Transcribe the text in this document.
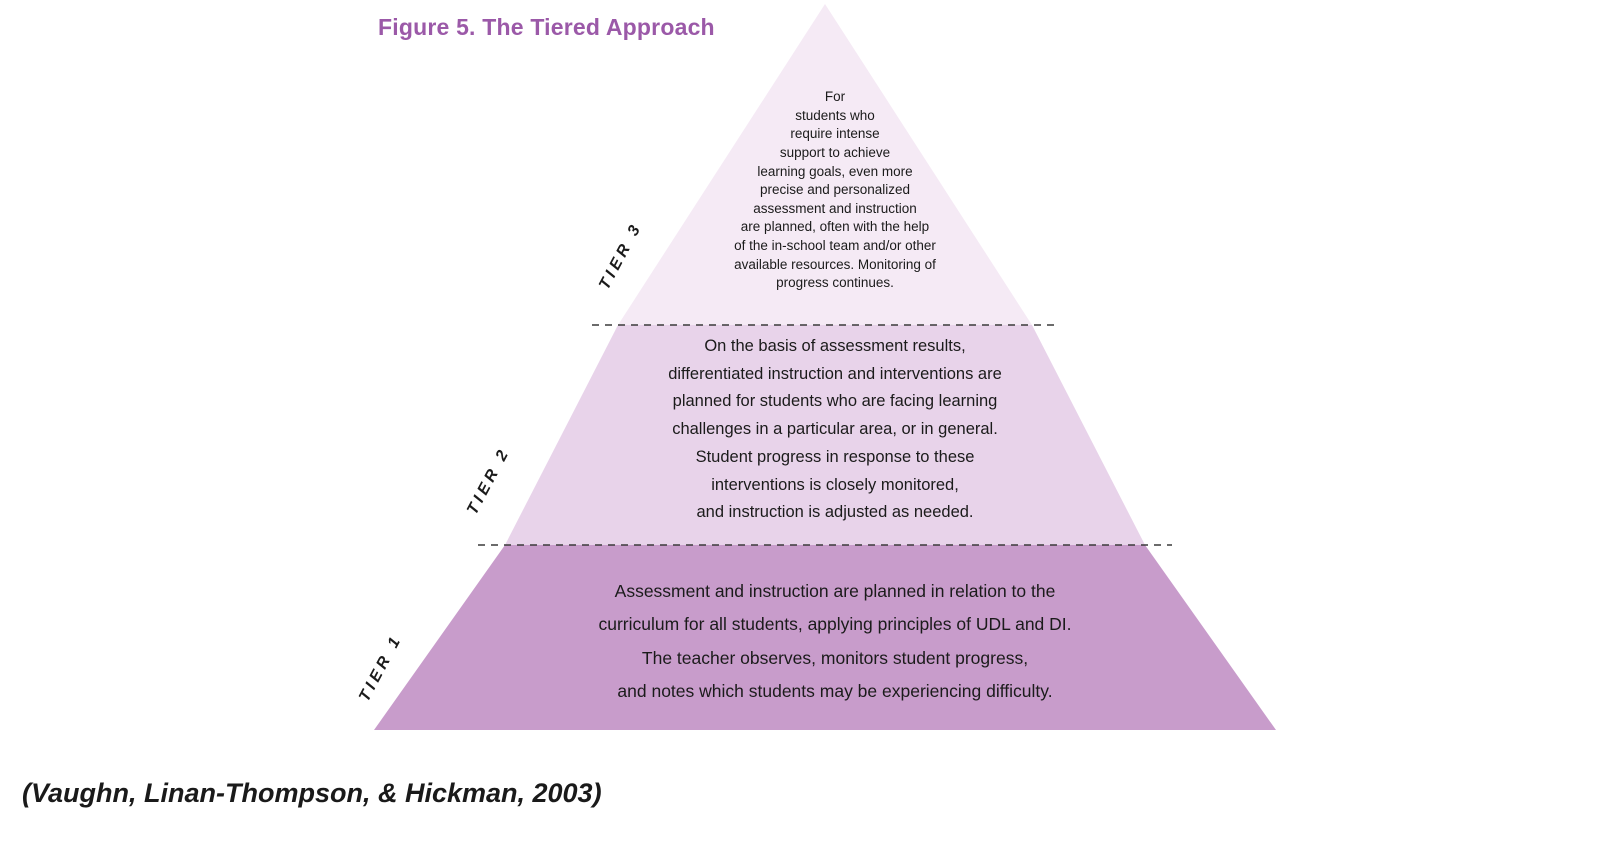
Figure 5. The Tiered Approach

For

students who

require intense

support to achieve

learning goals, even more

precise and personalized

assessment and instruction

are planned, often with the help

of the in-school team and/or other

available resources. Monitoring of

progress continues.

On the basis of assessment results,

differentiated instruction and interventions are

planned for students who are facing learning

challenges in a particular area, or in general.

Student progress in response to these

interventions is closely monitored,

and instruction is adjusted as needed.

Assessment and instruction are planned in relation to the

curriculum for all students, applying principles of UDL and DI.

The teacher observes, monitors student progress,

and notes which students may be experiencing difficulty.

TIER 3
TIER 2
TIER 1
(Vaughn, Linan-Thompson, & Hickman, 2003)
